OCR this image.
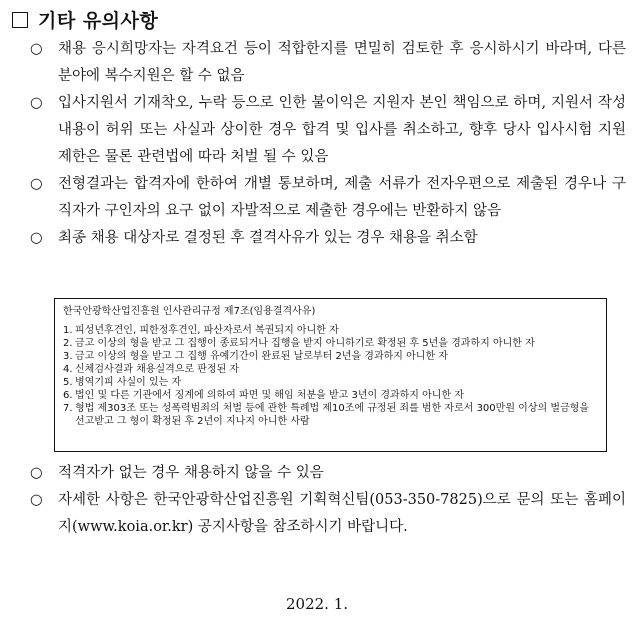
기타 유의사항
○ 채용 응시희망자는 자격요건 등이 적합한지를 면밀히 검토한 후 응시하시기 바라며, 다른 분야에 복수지원은 할 수 없음
○ 입사지원서 기재착오, 누락 등으로 인한 불이익은 지원자 본인 책임으로 하며, 지원서 작성내용이 허위 또는 사실과 상이한 경우 합격 및 입사를 취소하고, 향후 당사 입사시험 지원 제한은 물론 관련법에 따라 처벌 될 수 있음
○ 전형결과는 합격자에 한하여 개별 통보하며, 제출 서류가 전자우편으로 제출된 경우나 구직자가 구인자의 요구 없이 자발적으로 제출한 경우에는 반환하지 않음
○ 최종 채용 대상자로 결정된 후 결격사유가 있는 경우 채용을 취소함
한국안광학산업진흥원 인사관리규정 제7조(임용결격사유)
1. 피성년후견인, 피한정후견인, 파산자로서 복권되지 아니한 자
2. 금고 이상의 형을 받고 그 집행이 종료되거나 집행을 받지 아니하기로 확정된 후 5년을 경과하지 아니한 자
3. 금고 이상의 형을 받고 그 집행 유예기간이 완료된 날로부터 2년을 경과하지 아니한 자
4. 신체검사결과 채용실격으로 판정된 자
5. 병역기피 사실이 있는 자
6. 법인 및 다른 기관에서 징계에 의하여 파면 및 해임 처분을 받고 3년이 경과하지 아니한 자
7. 형법 제303조 또는 성폭력범죄의 처벌 등에 관한 특례법 제10조에 규정된 죄를 범한 자로서 300만원 이상의 벌금형을 선고받고 그 형이 확정된 후 2년이 지나지 아니한 사람
○ 적격자가 없는 경우 채용하지 않을 수 있음
○ 자세한 사항은 한국안광학산업진흥원 기획혁신팀(053-350-7825)으로 문의 또는 홈페이지(www.koia.or.kr) 공지사항을 참조하시기 바랍니다.
2022. 1.
